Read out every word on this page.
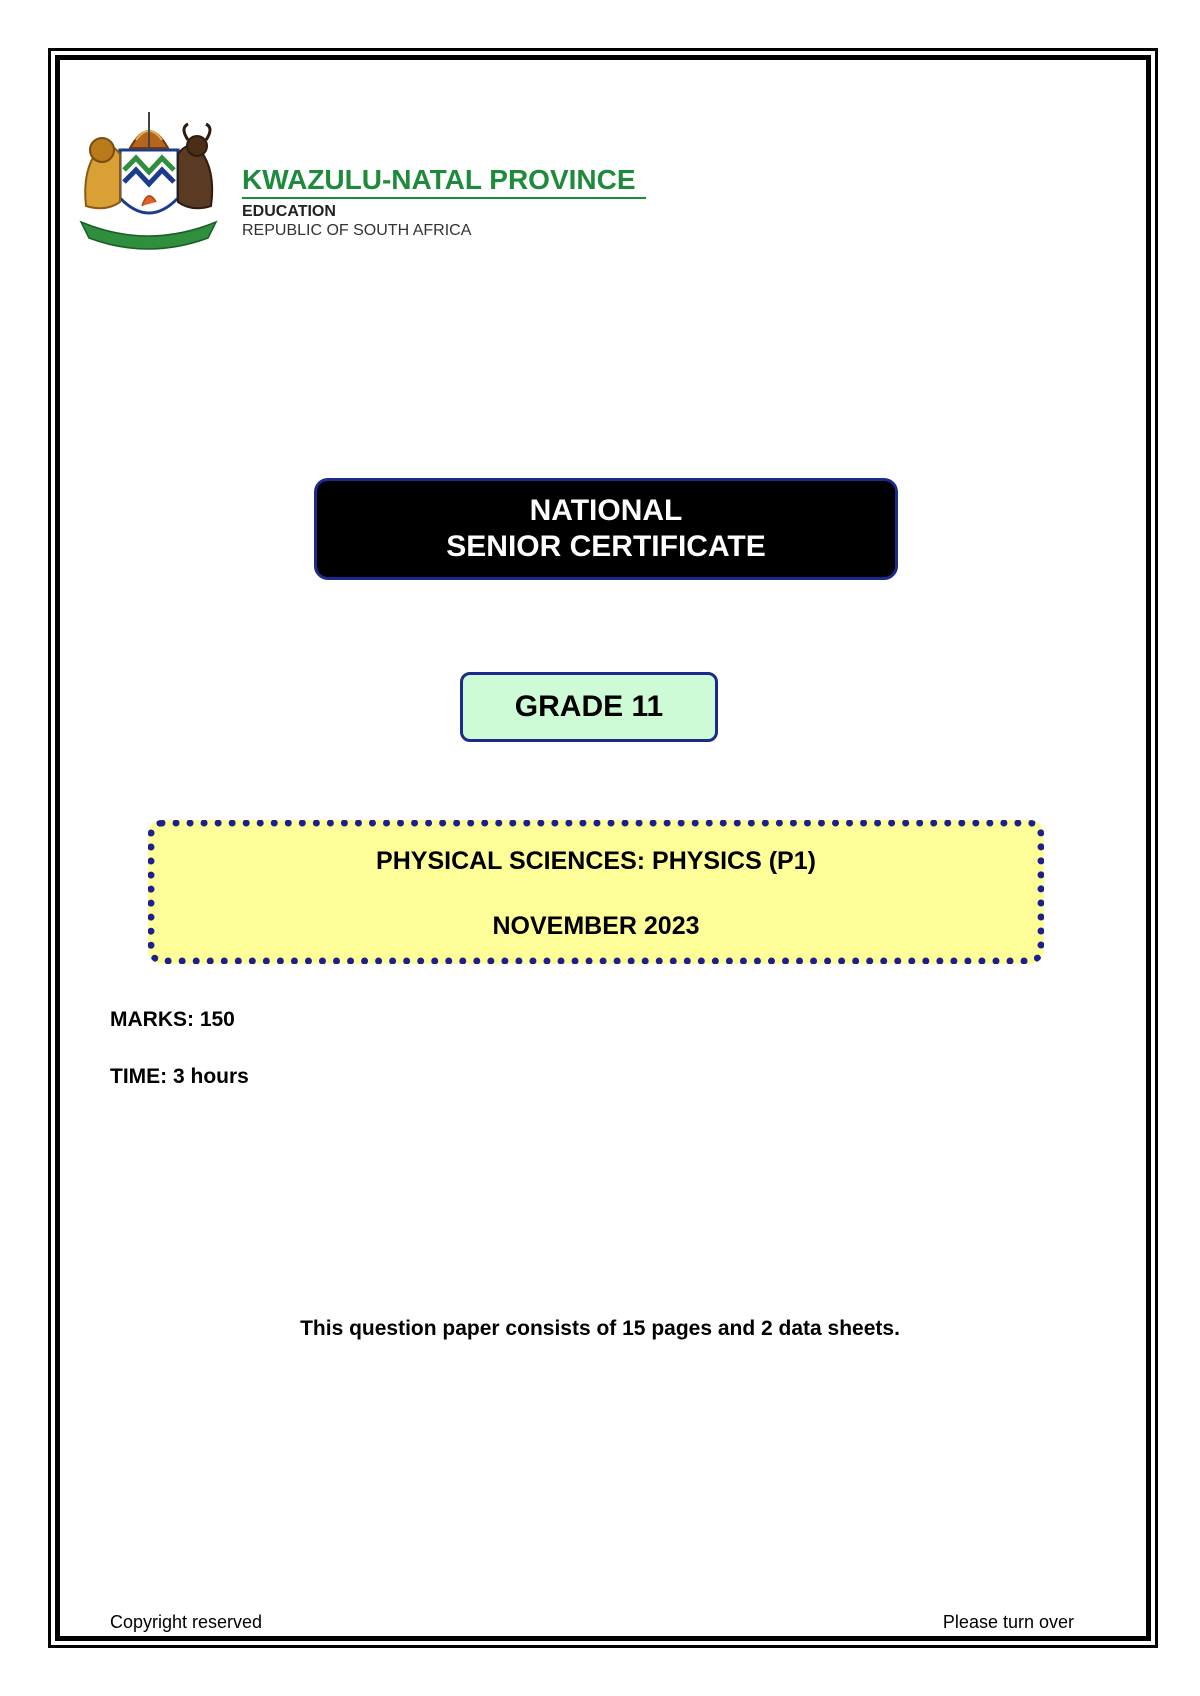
KWAZULU-NATAL PROVINCE
EDUCATION
REPUBLIC OF SOUTH AFRICA
NATIONAL
SENIOR CERTIFICATE
GRADE 11
PHYSICAL SCIENCES: PHYSICS (P1)
NOVEMBER 2023
MARKS: 150
TIME: 3 hours
This question paper consists of 15 pages and 2 data sheets.
Copyright reserved	Please turn over
